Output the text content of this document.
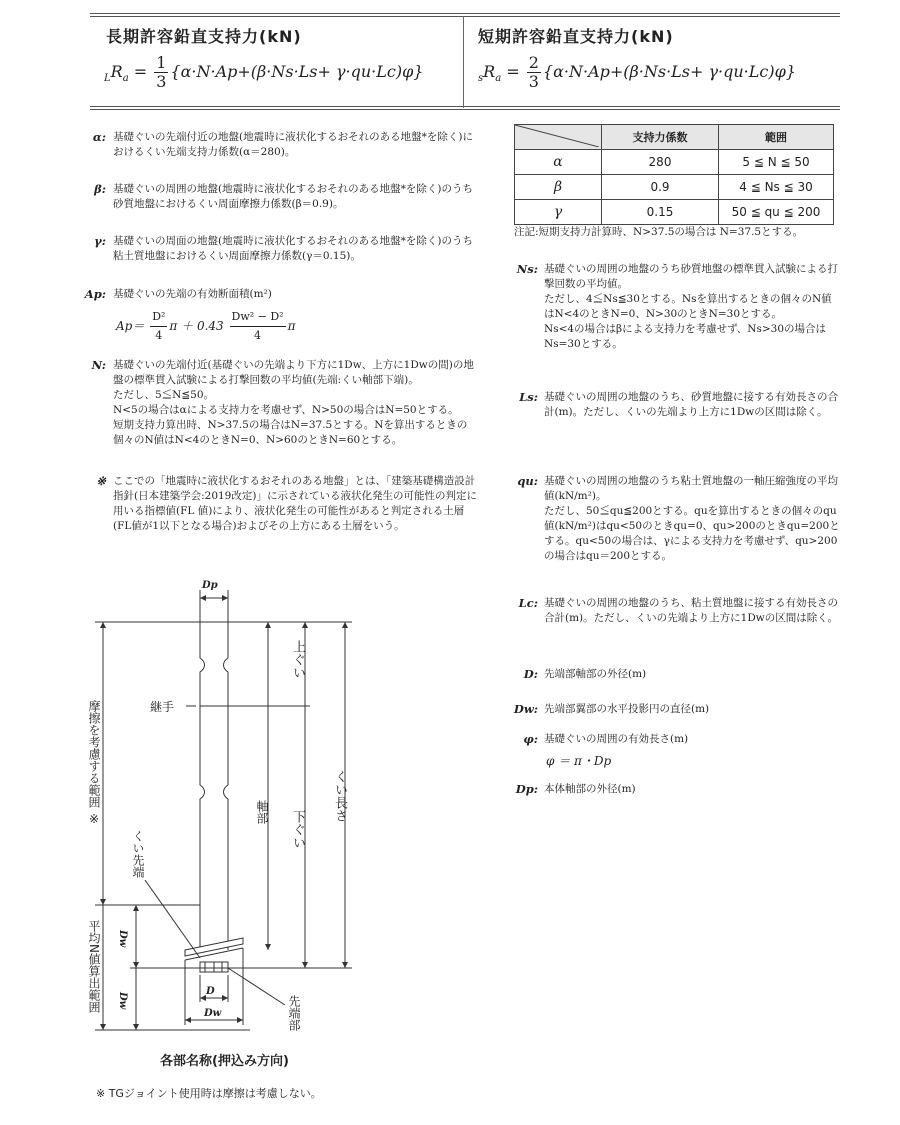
長期許容鉛直支持力(kN)	短期許容鉛直支持力(kN)
$_LR_a = \frac{1}{3} \{\alpha\cdot N\cdot Ap+(\beta\cdot Ns\cdot Ls+ \gamma\cdot qu\cdot Lc)\varphi\}$	$_sR_a = \frac{2}{3} \{\alpha\cdot N\cdot Ap+(\beta\cdot Ns\cdot Ls+ \gamma\cdot qu\cdot Lc)\varphi\}$
α: 基礎ぐいの先端付近の地盤(地震時に液状化するおそれのある地盤*を除く)におけるくい先端支持力係数(α＝280)。
β: 基礎ぐいの周囲の地盤(地震時に液状化するおそれのある地盤*を除く)のうち砂質地盤におけるくい周面摩擦力係数(β＝0.9)。
γ: 基礎ぐいの周面の地盤(地震時に液状化するおそれのある地盤*を除く)のうち粘土質地盤におけるくい周面摩擦力係数(γ＝0.15)。
Ap: 基礎ぐいの先端の有効断面積(m²)
$Ap= \frac{\text{D²}}{4}$ $\pi + 0.43 \frac{\text{Dw² − D²}}{4}$ π
N: 基礎ぐいの先端付近(基礎ぐいの先端より下方に1Dw、上方に1Dwの間)の地盤の標準貫入試験による打撃回数の平均値(先端:くい軸部下端)。

ただし、5≦N≦50。

N<5の場合はαによる支持力を考慮せず、N>50の場合はN=50とする。

短期支持力算出時、N>37.5の場合はN=37.5とする。Nを算出するときの個々のN値はN<4のときN=0、N>60のときN=60とする。

※ ここでの「地震時に液状化するおそれのある地盤」とは、「建築基礎構造設計指針(日本建築学会:2019改定)」に示されている液状化発生の可能性の判定に用いる指標値(FL 値)により、液状化発生の可能性があると判定される土層(FL値が1以下となる場合)およびその上方にある土層をいう。
	支持力係数	範囲
α	280	5 ≦ N ≦ 50
β	0.9	4 ≦ Ns ≦ 30
γ	0.15	50 ≦ qu ≦ 200
注記:短期支持力計算時、N>37.5の場合は N=37.5とする。
Ns: 基礎ぐいの周囲の地盤のうち砂質地盤の標準貫入試験による打撃回数の平均値。

ただし、4≦Ns≦30とする。Nsを算出するときの個々のN値はN<4のときN=0、N>30のときN=30とする。

Ns<4の場合はβによる支持力を考慮せず、Ns>30の場合はNs=30とする。

Ls: 基礎ぐいの周囲の地盤のうち、砂質地盤に接する有効長さの合計(m)。ただし、くいの先端より上方に1Dwの区間は除く。
qu: 基礎ぐいの周囲の地盤のうち粘土質地盤の一軸圧縮強度の平均値(kN/m²)。

ただし、50≦qu≦200とする。quを算出するときの個々のqu値(kN/m²)はqu<50のときqu=0、qu>200のときqu=200とする。qu<50の場合は、γによる支持力を考慮せず、qu>200の場合はqu＝200とする。

Lc: 基礎ぐいの周囲の地盤のうち、粘土質地盤に接する有効長さの合計(m)。ただし、くいの先端より上方に1Dwの区間は除く。
D: 先端部軸部の外径(m)
Dw: 先端部翼部の水平投影円の直径(m)
φ: 基礎ぐいの周囲の有効長さ(m)
φ ＝ π・Dp
Dp: 本体軸部の外径(m)
Dp
継手
上ぐい
下ぐい
軸部	くい長さ
摩擦を考慮する範囲 ※
くい先端
平均N値算出範囲 Dw
Dw
D
Dw	先端部
各部名称(押込み方向)
※ TGジョイント使用時は摩擦は考慮しない。
